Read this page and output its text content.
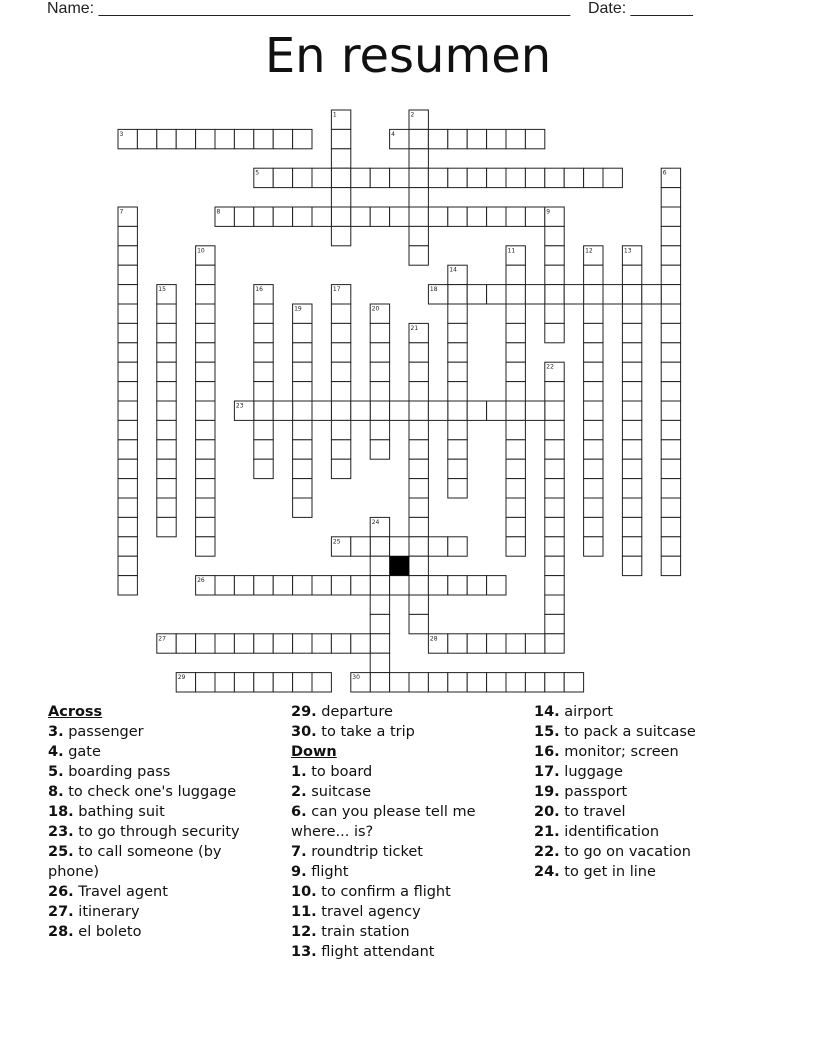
Name: _____________________________________________________    Date: _______
En resumen
1	2
3	4
5	6
7	8	9
10	11	12	13
14
15	16	17	18
19	20
21
22
23
24
25
26
27	28
29	30
Across
3. passenger
4. gate
5. boarding pass
8. to check one's luggage
18. bathing suit
23. to go through security
25. to call someone (by phone)
26. Travel agent
27. itinerary
28. el boleto
29. departure
30. to take a trip
Down
1. to board
2. suitcase
6. can you please tell me where... is?
7. roundtrip ticket
9. flight
10. to confirm a flight
11. travel agency
12. train station
13. flight attendant
14. airport
15. to pack a suitcase
16. monitor; screen
17. luggage
19. passport
20. to travel
21. identification
22. to go on vacation
24. to get in line
